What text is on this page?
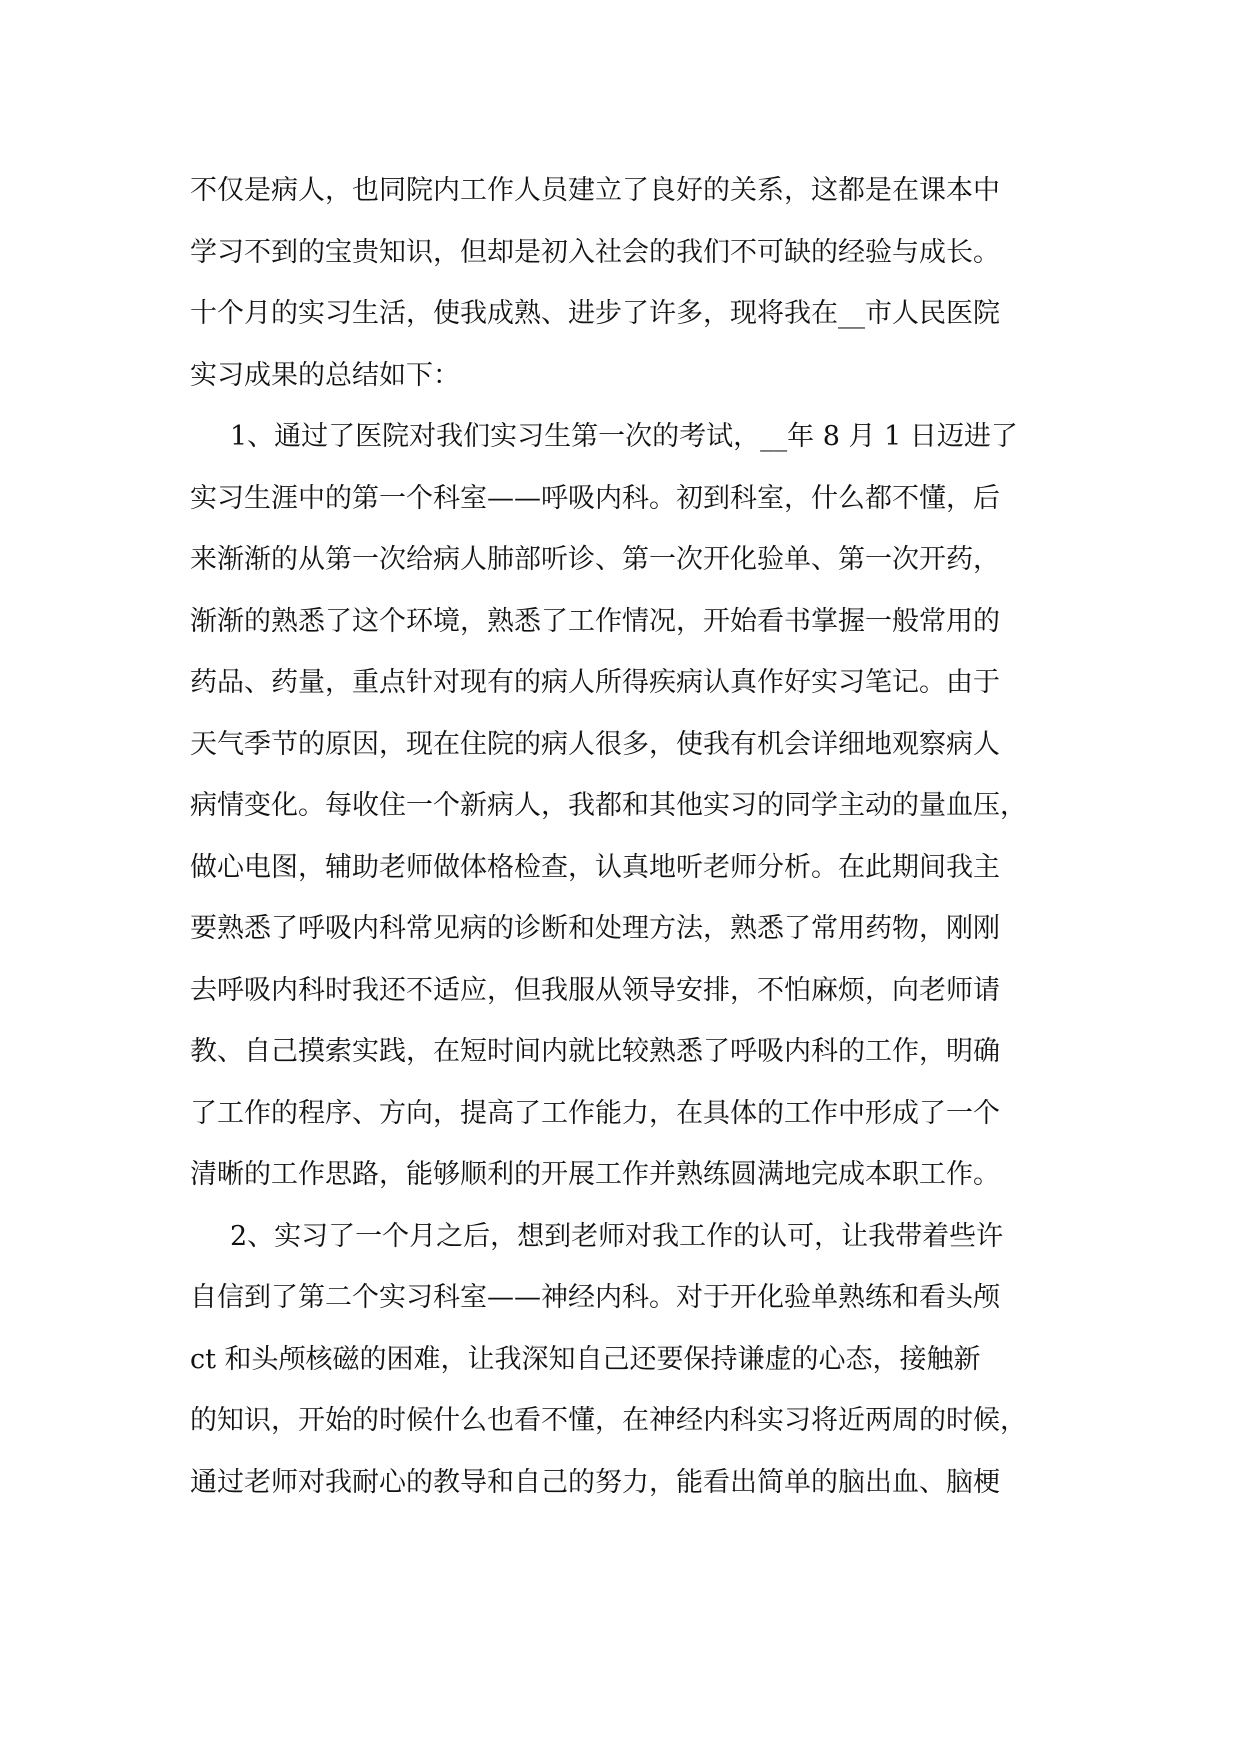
不仅是病人，也同院内工作人员建立了良好的关系，这都是在课本中
学习不到的宝贵知识，但却是初入社会的我们不可缺的经验与成长。
十个月的实习生活，使我成熟、进步了许多，现将我在__市人民医院
实习成果的总结如下：
1、通过了医院对我们实习生第一次的考试，__年 8 月 1 日迈进了
实习生涯中的第一个科室——呼吸内科。初到科室，什么都不懂，后
来渐渐的从第一次给病人肺部听诊、第一次开化验单、第一次开药，
渐渐的熟悉了这个环境，熟悉了工作情况，开始看书掌握一般常用的
药品、药量，重点针对现有的病人所得疾病认真作好实习笔记。由于
天气季节的原因，现在住院的病人很多，使我有机会详细地观察病人
病情变化。每收住一个新病人，我都和其他实习的同学主动的量血压，
做心电图，辅助老师做体格检查，认真地听老师分析。在此期间我主
要熟悉了呼吸内科常见病的诊断和处理方法，熟悉了常用药物，刚刚
去呼吸内科时我还不适应，但我服从领导安排，不怕麻烦，向老师请
教、自己摸索实践，在短时间内就比较熟悉了呼吸内科的工作，明确
了工作的程序、方向，提高了工作能力，在具体的工作中形成了一个
清晰的工作思路，能够顺利的开展工作并熟练圆满地完成本职工作。
2、实习了一个月之后，想到老师对我工作的认可，让我带着些许
自信到了第二个实习科室——神经内科。对于开化验单熟练和看头颅
ct 和头颅核磁的困难，让我深知自己还要保持谦虚的心态，接触新
的知识，开始的时候什么也看不懂，在神经内科实习将近两周的时候，
通过老师对我耐心的教导和自己的努力，能看出简单的脑出血、脑梗
